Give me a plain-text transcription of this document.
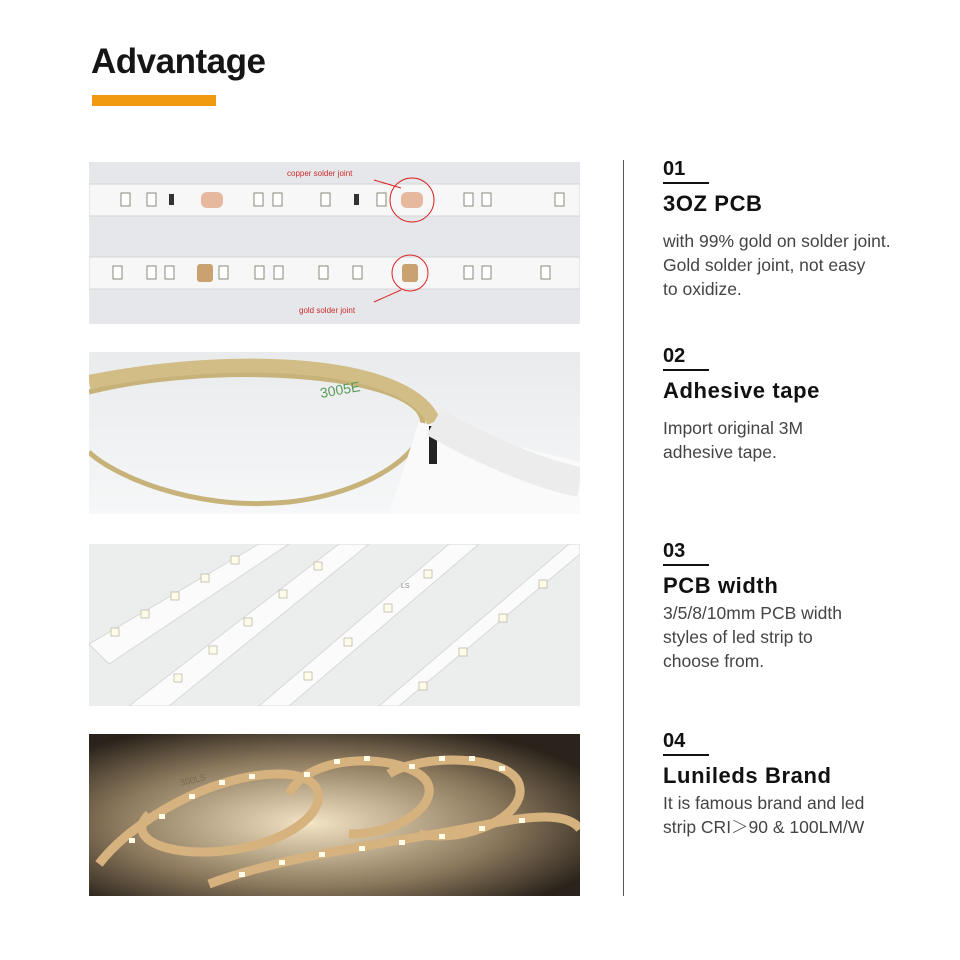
Advantage
copper solder joint
gold solder joint
3005E
LS
300LS
01
3OZ PCB
with 99% gold on solder joint.
Gold solder joint, not easy
to oxidize.
02
Adhesive tape
Import original 3M
adhesive tape.
03
PCB width
3/5/8/10mm PCB width
styles of led strip to
choose from.
04
Lunileds Brand
It is famous brand and led
strip CRI＞90 & 100LM/W
